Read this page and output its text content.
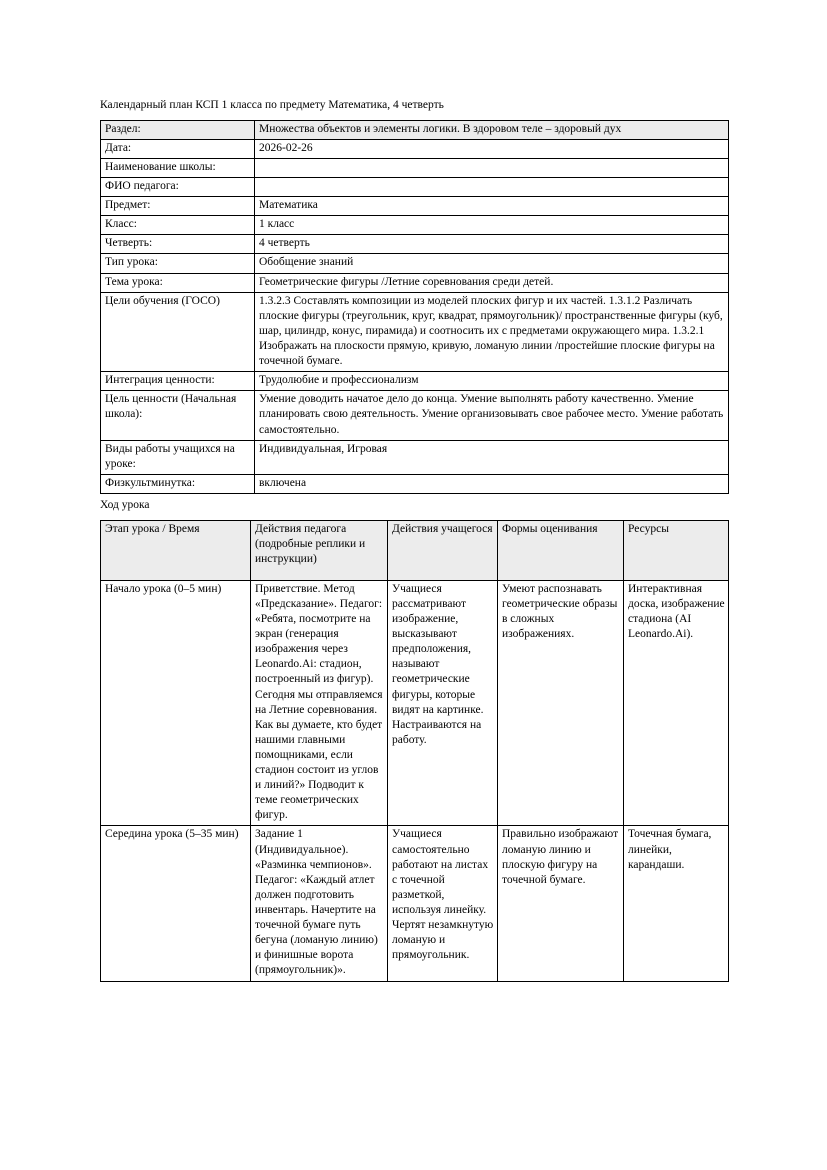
Календарный план КСП 1 класса по предмету Математика, 4 четверть

Раздел:	Множества объектов и элементы логики. В здоровом теле – здоровый дух
Дата:	2026-02-26
Наименование школы:	
ФИО педагога:	
Предмет:	Математика
Класс:	1 класс
Четверть:	4 четверть
Тип урока:	Обобщение знаний
Тема урока:	Геометрические фигуры /Летние соревнования среди детей.
Цели обучения (ГОСО)	1.3.2.3 Составлять композиции из моделей плоских фигур и их частей. 1.3.1.2 Различать плоские фигуры (треугольник, круг, квадрат, прямоугольник)/ пространственные фигуры (куб, шар, цилиндр, конус, пирамида) и соотносить их с предметами окружающего мира. 1.3.2.1 Изображать на плоскости прямую, кривую, ломаную линии /простейшие плоские фигуры на точечной бумаге.
Интеграция ценности:	Трудолюбие и профессионализм
Цель ценности (Начальная школа):	Умение доводить начатое дело до конца. Умение выполнять работу качественно. Умение планировать свою деятельность. Умение организовывать свое рабочее место. Умение работать самостоятельно.
Виды работы учащихся на уроке:	Индивидуальная, Игровая
Физкультминутка:	включена

Ход урока

Этап урока / Время	Действия педагога (подробные реплики и инструкции)	Действия учащегося	Формы оценивания	Ресурсы
Начало урока (0–5 мин)	Приветствие. Метод «Предсказание». Педагог: «Ребята, посмотрите на экран (генерация изображения через Leonardo.Ai: стадион, построенный из фигур). Сегодня мы отправляемся на Летние соревнования. Как вы думаете, кто будет нашими главными помощниками, если стадион состоит из углов и линий?» Подводит к теме геометрических фигур.	Учащиеся рассматривают изображение, высказывают предположения, называют геометрические фигуры, которые видят на картинке. Настраиваются на работу.	Умеют распознавать геометрические образы в сложных изображениях.	Интерактивная доска, изображение стадиона (AI Leonardo.Ai).
Середина урока (5–35 мин)	Задание 1 (Индивидуальное). «Разминка чемпионов». Педагог: «Каждый атлет должен подготовить инвентарь. Начертите на точечной бумаге путь бегуна (ломаную линию) и финишные ворота (прямоугольник)».	Учащиеся самостоятельно работают на листах с точечной разметкой, используя линейку. Чертят незамкнутую ломаную и прямоугольник.	Правильно изображают ломаную линию и плоскую фигуру на точечной бумаге.	Точечная бумага, линейки, карандаши.
